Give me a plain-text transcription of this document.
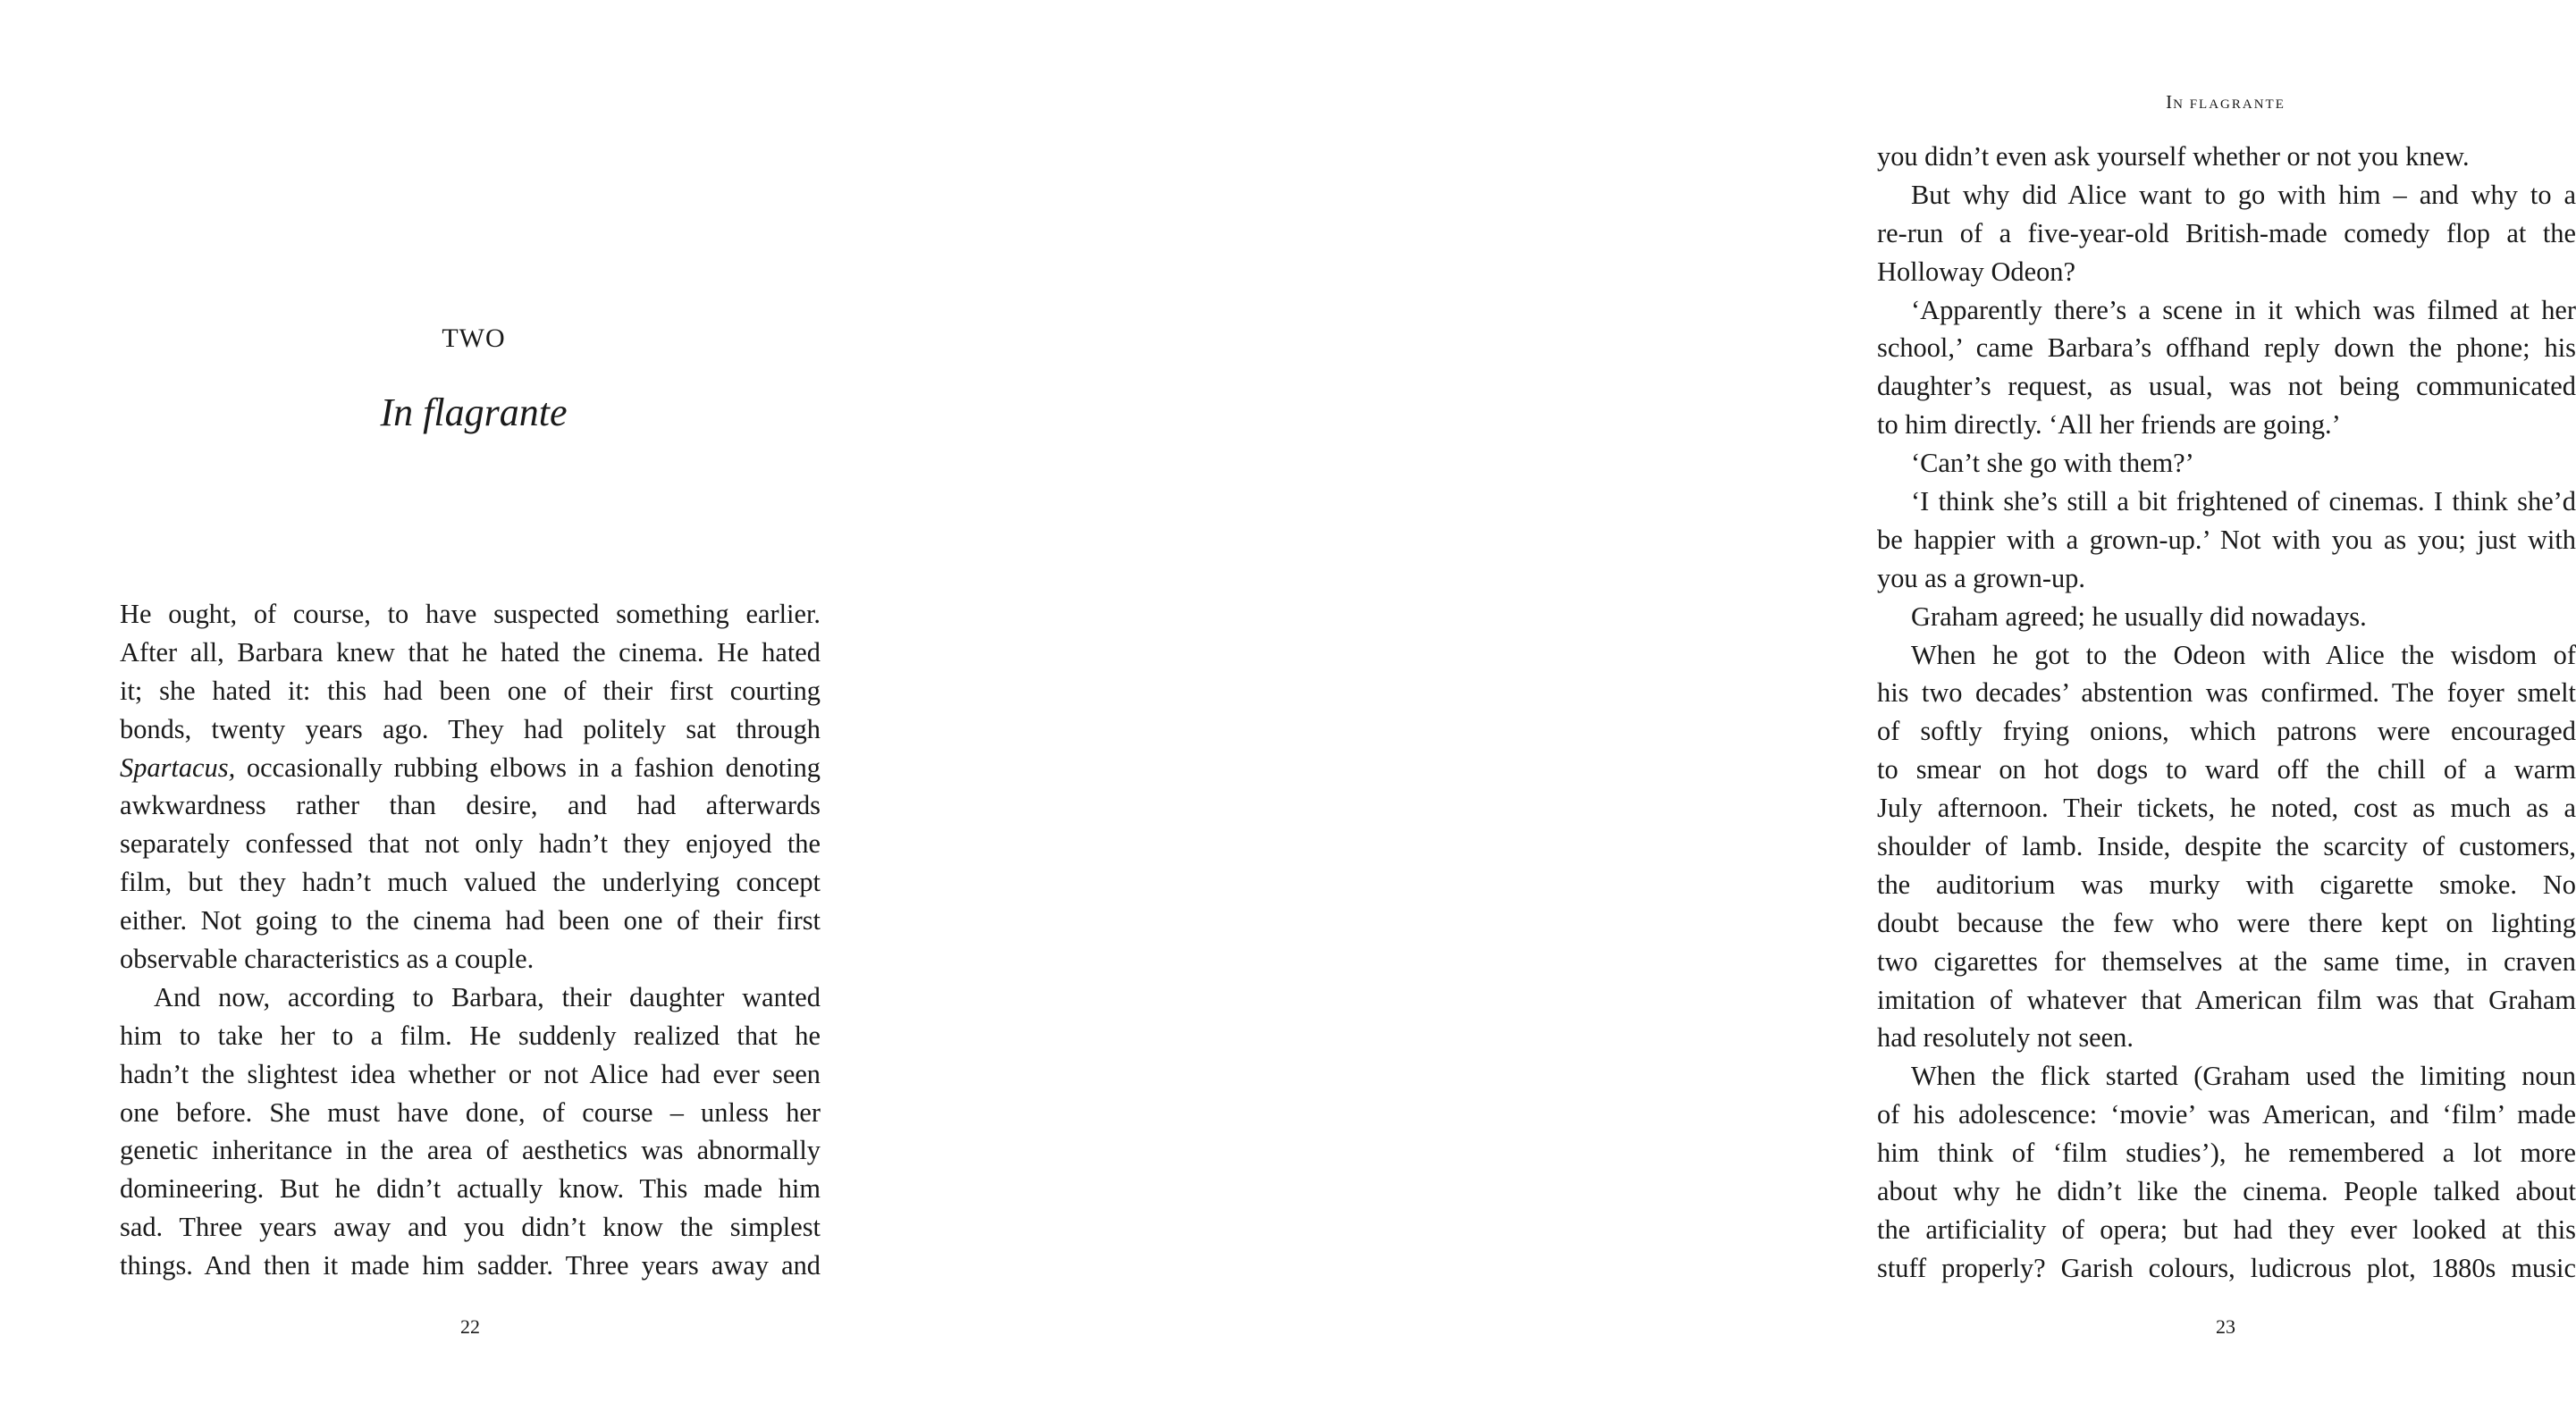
TWO
In flagrante
He ought, of course, to have suspected something earlier.
After all, Barbara knew that he hated the cinema. He hated
it; she hated it: this had been one of their first courting
bonds, twenty years ago. They had politely sat through
Spartacus, occasionally rubbing elbows in a fashion denoting
awkwardness rather than desire, and had afterwards
separately confessed that not only hadn’t they enjoyed the
film, but they hadn’t much valued the underlying concept
either. Not going to the cinema had been one of their first
observable characteristics as a couple.
And now, according to Barbara, their daughter wanted
him to take her to a film. He suddenly realized that he
hadn’t the slightest idea whether or not Alice had ever seen
one before. She must have done, of course – unless her
genetic inheritance in the area of aesthetics was abnormally
domineering. But he didn’t actually know. This made him
sad. Three years away and you didn’t know the simplest
things. And then it made him sadder. Three years away and
22
IN FLAGRANTE
you didn’t even ask yourself whether or not you knew.
But why did Alice want to go with him – and why to a
re-run of a five-year-old British-made comedy flop at the
Holloway Odeon?
‘Apparently there’s a scene in it which was filmed at her
school,’ came Barbara’s offhand reply down the phone; his
daughter’s request, as usual, was not being communicated
to him directly. ‘All her friends are going.’
‘Can’t she go with them?’
‘I think she’s still a bit frightened of cinemas. I think she’d
be happier with a grown-up.’ Not with you as you; just with
you as a grown-up.
Graham agreed; he usually did nowadays.
When he got to the Odeon with Alice the wisdom of
his two decades’ abstention was confirmed. The foyer smelt
of softly frying onions, which patrons were encouraged
to smear on hot dogs to ward off the chill of a warm
July afternoon. Their tickets, he noted, cost as much as a
shoulder of lamb. Inside, despite the scarcity of customers,
the auditorium was murky with cigarette smoke. No
doubt because the few who were there kept on lighting
two cigarettes for themselves at the same time, in craven
imitation of whatever that American film was that Graham
had resolutely not seen.
When the flick started (Graham used the limiting noun
of his adolescence: ‘movie’ was American, and ‘film’ made
him think of ‘film studies’), he remembered a lot more
about why he didn’t like the cinema. People talked about
the artificiality of opera; but had they ever looked at this
stuff properly? Garish colours, ludicrous plot, 1880s music
23
